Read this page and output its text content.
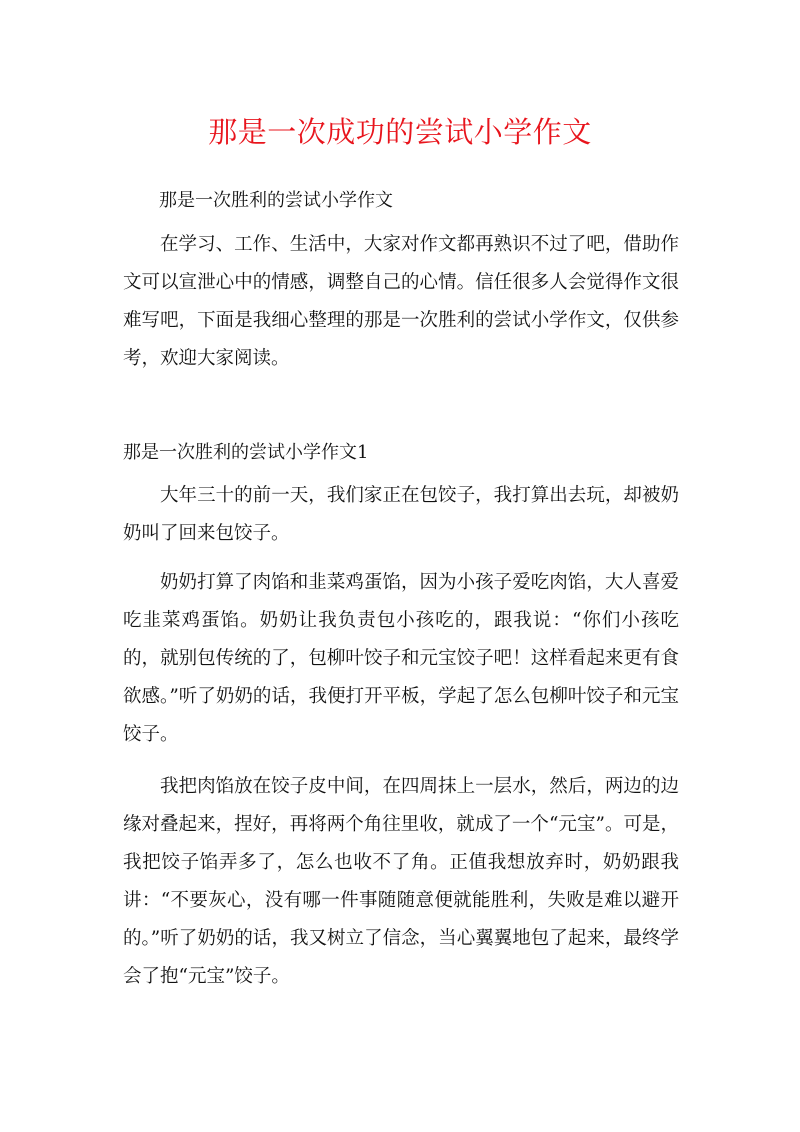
那是一次成功的尝试小学作文

那是一次胜利的尝试小学作文

在学习、工作、生活中，大家对作文都再熟识不过了吧，借助作文可以宣泄心中的情感，调整自己的心情。信任很多人会觉得作文很难写吧，下面是我细心整理的那是一次胜利的尝试小学作文，仅供参考，欢迎大家阅读。

那是一次胜利的尝试小学作文1

大年三十的前一天，我们家正在包饺子，我打算出去玩，却被奶奶叫了回来包饺子。

奶奶打算了肉馅和韭菜鸡蛋馅，因为小孩子爱吃肉馅，大人喜爱吃韭菜鸡蛋馅。奶奶让我负责包小孩吃的，跟我说：“你们小孩吃的，就别包传统的了，包柳叶饺子和元宝饺子吧！这样看起来更有食欲感。”听了奶奶的话，我便打开平板，学起了怎么包柳叶饺子和元宝饺子。

我把肉馅放在饺子皮中间，在四周抹上一层水，然后，两边的边缘对叠起来，捏好，再将两个角往里收，就成了一个“元宝”。可是，我把饺子馅弄多了，怎么也收不了角。正值我想放弃时，奶奶跟我讲：“不要灰心，没有哪一件事随随意便就能胜利，失败是难以避开的。”听了奶奶的话，我又树立了信念，当心翼翼地包了起来，最终学会了抱“元宝”饺子。
